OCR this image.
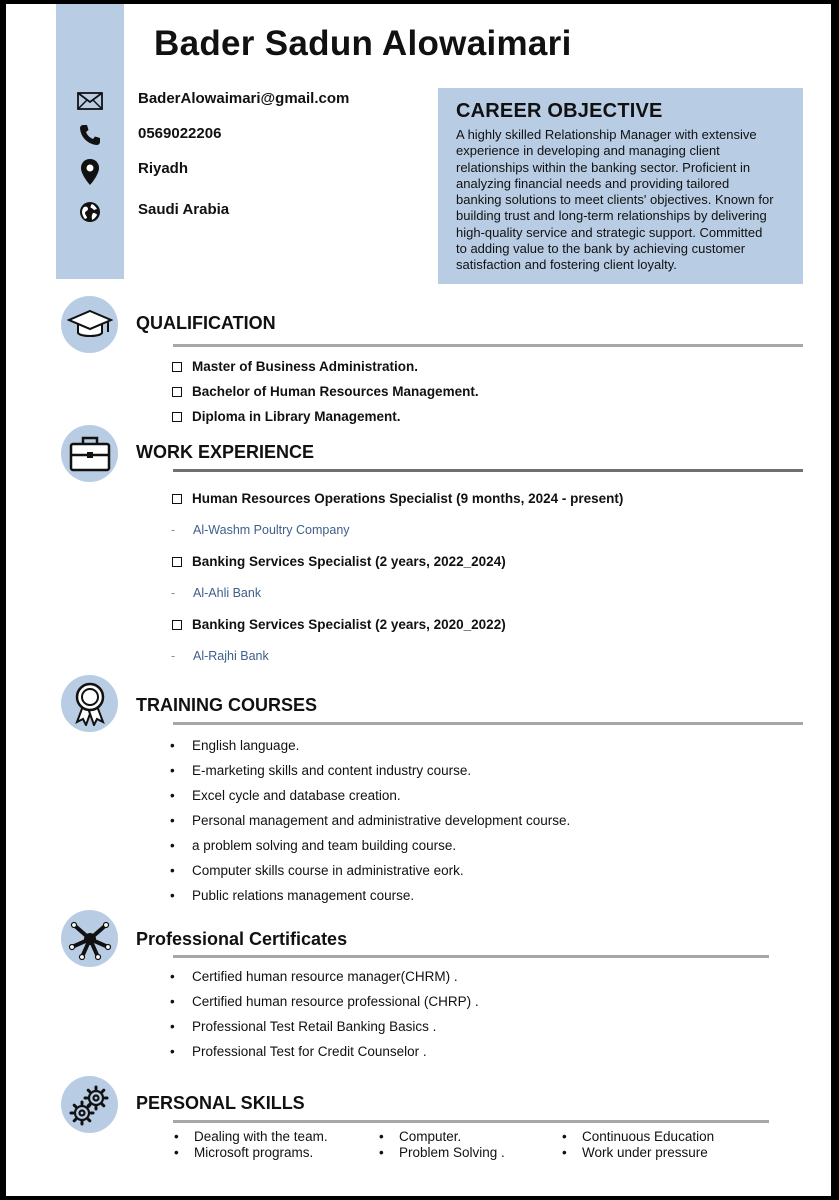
Bader Sadun Alowaimari
BaderAlowaimari@gmail.com
0569022206
Riyadh
Saudi Arabia
CAREER OBJECTIVE
A highly skilled Relationship Manager with extensive
experience in developing and managing client
relationships within the banking sector. Proficient in
analyzing financial needs and providing tailored
banking solutions to meet clients' objectives. Known for
building trust and long-term relationships by delivering
high-quality service and strategic support. Committed
to adding value to the bank by achieving customer
satisfaction and fostering client loyalty.
QUALIFICATION
Master of Business Administration.
Bachelor of Human Resources Management.
Diploma in Library Management.
WORK EXPERIENCE
Human Resources Operations Specialist (9 months, 2024 - present)
- Al-Washm Poultry Company
Banking Services Specialist (2 years, 2022_2024)
- Al-Ahli Bank
Banking Services Specialist (2 years, 2020_2022)
- Al-Rajhi Bank
TRAINING COURSES
• English language.
• E-marketing skills and content industry course.
• Excel cycle and database creation.
• Personal management and administrative development course.
• a problem solving and team building course.
• Computer skills course in administrative eork.
• Public relations management course.
Professional Certificates
• Certified human resource manager(CHRM) .
• Certified human resource professional (CHRP) .
• Professional Test Retail Banking Basics .
• Professional Test for Credit Counselor .
PERSONAL SKILLS
• Dealing with the team.
• Microsoft programs.
• Computer.
• Problem Solving .
• Continuous Education
• Work under pressure
